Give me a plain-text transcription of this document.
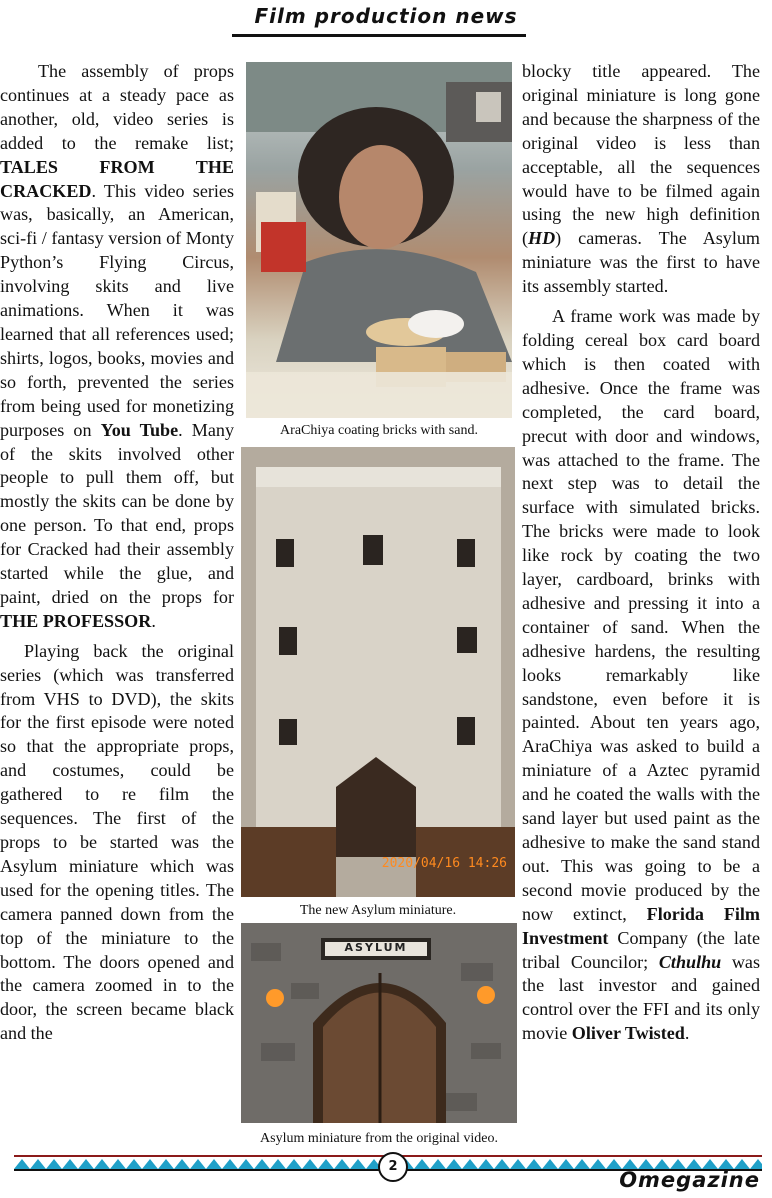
Film production news

The assembly of props continues at a steady pace as another, old, video series is added to the remake list; TALES FROM THE CRACKED. This video series was, basically, an American, sci-fi / fantasy version of Monty Python’s Flying Circus, involving skits and live animations. When it was learned that all references used; shirts, logos, books, movies and so forth, prevented the series from being used for monetizing purposes on You Tube. Many of the skits involved other people to pull them off, but mostly the skits can be done by one person. To that end, props for Cracked had their assembly started while the glue, and paint, dried on the props for THE PROFESSOR.

Playing back the original series (which was transferred from VHS to DVD), the skits for the first episode were noted so that the appropriate props, and costumes, could be gathered to re film the sequences. The first of the props to be started was the Asylum miniature which was used for the opening titles. The camera panned down from the top of the miniature to the bottom. The doors opened and the camera zoomed in to the door, the screen became black and the

AraChiya coating bricks with sand.
2020/04/16 14:26
The new Asylum miniature.
ASYLUM
Asylum miniature from the original video.

blocky title appeared. The original miniature is long gone and because the sharpness of the original video is less than acceptable, all the sequences would have to be filmed again using the new high definition (HD) cameras. The Asylum miniature was the first to have its assembly started.

A frame work was made by folding cereal box card board which is then coated with adhesive. Once the frame was completed, the card board, precut with door and windows, was attached to the frame. The next step was to detail the surface with simulated bricks. The bricks were made to look like rock by coating the two layer, cardboard, brinks with adhesive and pressing it into a container of sand. When the adhesive hardens, the resulting looks remarkably like sandstone, even before it is painted. About ten years ago, AraChiya was asked to build a miniature of a Aztec pyramid and he coated the walls with the sand layer but used paint as the adhesive to make the sand stand out. This was going to be a second movie produced by the now extinct, Florida Film Investment Company (the late tribal Councilor; Cthulhu was the last investor and gained control over the FFI and its only movie Oliver Twisted.

2
Omegazine
